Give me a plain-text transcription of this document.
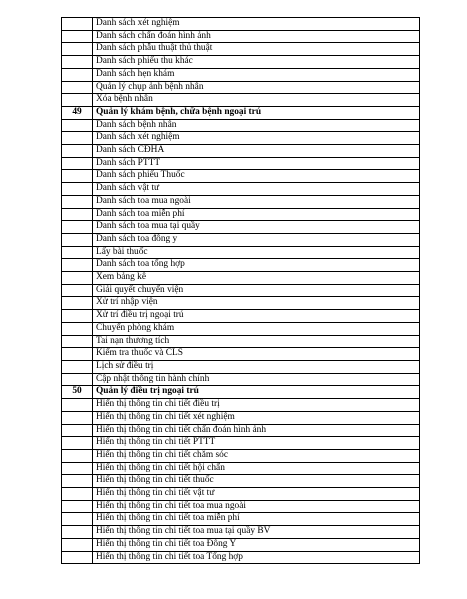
	Danh sách xét nghiệm
	Danh sách chẩn đoán hình ảnh
	Danh sách phẫu thuật thủ thuật
	Danh sách phiếu thu khác
	Danh sách hẹn khám
	Quản lý chụp ảnh bệnh nhân
	Xóa bệnh nhân
49	Quản lý khám bệnh, chữa bệnh ngoại trú
	Danh sách bệnh nhân
	Danh sách xét nghiệm
	Danh sách CĐHA
	Danh sách PTTT
	Danh sách phiếu Thuốc
	Danh sách vật tư
	Danh sách toa mua ngoài
	Danh sách toa miễn phí
	Danh sách toa mua tại quầy
	Danh sách toa đông y
	Lấy bài thuốc
	Danh sách toa tổng hợp
	Xem bảng kê
	Giải quyết chuyển viện
	Xử trí nhập viện
	Xử trí điều trị ngoại trú
	Chuyển phòng khám
	Tai nạn thương tích
	Kiểm tra thuốc và CLS
	Lịch sử điều trị
	Cập nhật thông tin hành chính
50	Quản lý điều trị ngoại trú
	Hiển thị thông tin chi tiết điều trị
	Hiển thị thông tin chi tiết xét nghiệm
	Hiển thị thông tin chi tiết chẩn đoán hình ảnh
	Hiển thị thông tin chi tiết PTTT
	Hiển thị thông tin chi tiết chăm sóc
	Hiển thị thông tin chi tiết hội chẩn
	Hiển thị thông tin chi tiết thuốc
	Hiển thị thông tin chi tiết vật tư
	Hiển thị thông tin chi tiết toa mua ngoài
	Hiển thị thông tin chi tiết toa miễn phí
	Hiển thị thông tin chi tiết toa mua tại quầy BV
	Hiển thị thông tin chi tiết toa Đông Y
	Hiển thị thông tin chi tiết toa Tổng hợp
